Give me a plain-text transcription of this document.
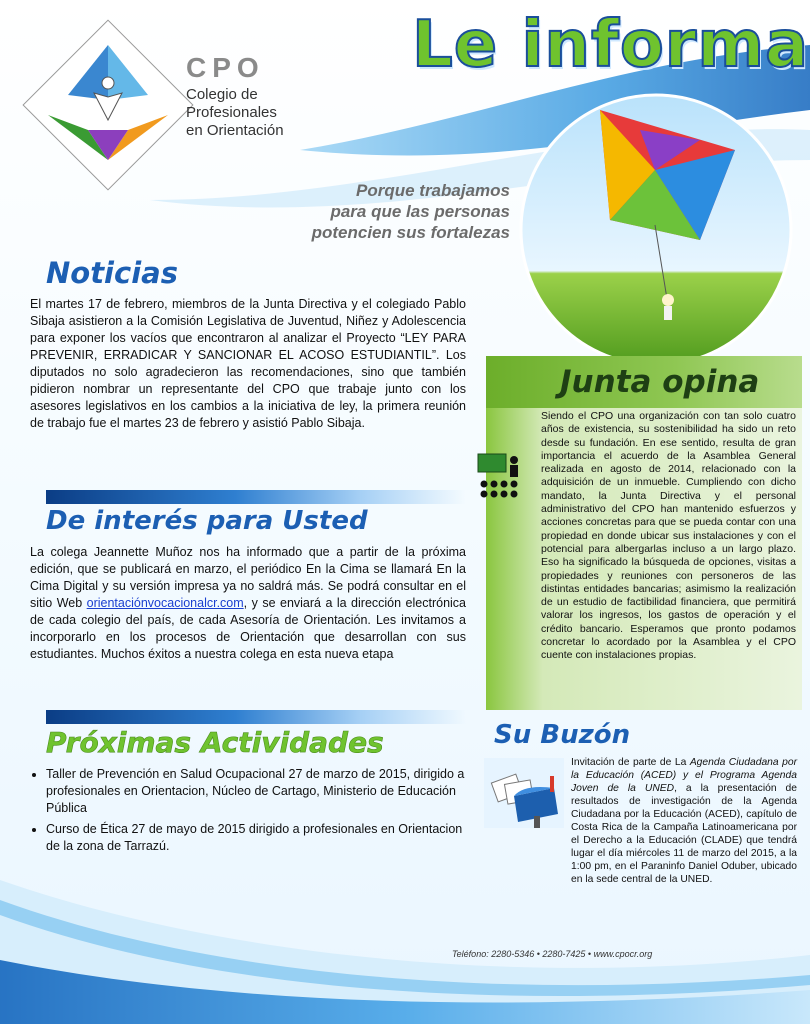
CPO
Colegio de
Profesionales
en Orientación
Le informa
Porque trabajamos
para que las personas
potencien sus fortalezas
Noticias
El martes 17 de febrero, miembros de la Junta Directiva y el colegiado Pablo Sibaja asistieron a la Comisión Legislativa de Juventud, Niñez y Adolescencia para exponer los vacíos que encontraron al analizar el Proyecto “LEY PARA PREVENIR, ERRADICAR Y SANCIONAR EL ACOSO ESTUDIANTIL”. Los diputados no solo agradecieron las recomendaciones, sino que también pidieron nombrar un representante del CPO que trabaje junto con los asesores legislativos en los cambios a la iniciativa de ley, la primera reunión de trabajo fue el martes 23 de febrero y asistió Pablo Sibaja.
De interés para Usted
La colega Jeannette Muñoz nos ha informado que a partir de la próxima edición, que se publicará en marzo, el periódico En la Cima se llamará En la Cima Digital y su versión impresa ya no saldrá más. Se podrá consultar en el sitio Web orientaciónvocacionalcr.com, y se enviará a la dirección electrónica de cada colegio del país, de cada Asesoría de Orientación. Les invitamos a incorporarlo en los procesos de Orientación que desarrollan con sus estudiantes. Muchos éxitos a nuestra colega en esta nueva etapa
Próximas Actividades
• Taller de Prevención en Salud Ocupacional 27 de marzo de 2015, dirigido a profesionales en Orientacion, Núcleo de Cartago, Ministerio de Educación Pública
• Curso de Ética 27 de mayo de 2015 dirigido a profesionales en Orientacion de la zona de Tarrazú.
Junta opina
Siendo el CPO una organización con tan solo cuatro años de existencia, su sostenibilidad ha sido un reto desde su fundación. En ese sentido, resulta de gran importancia el acuerdo de la Asamblea General realizada en agosto de 2014, relacionado con la adquisición de un inmueble. Cumpliendo con dicho mandato, la Junta Directiva y el personal administrativo del CPO han mantenido esfuerzos y acciones concretas para que se pueda contar con una propiedad en donde ubicar sus instalaciones y con el potencial para albergarlas incluso a un largo plazo. Eso ha significado la búsqueda de opciones, visitas a propiedades y reuniones con personeros de las distintas entidades bancarias; asimismo la realización de un estudio de factibilidad financiera, que permitirá valorar los ingresos, los gastos de operación y el crédito bancario. Esperamos que pronto podamos concretar lo acordado por la Asamblea y el CPO cuente con instalaciones propias.
Su Buzón
Invitación de parte de La Agenda Ciudadana por la Educación (ACED) y el Programa Agenda Joven de la UNED, a la presentación de resultados de investigación de la Agenda Ciudadana por la Educación (ACED), capítulo de Costa Rica de la Campaña Latinoamericana por el Derecho a la Educación (CLADE) que tendrá lugar el día miércoles 11 de marzo del 2015, a la 1:00 pm, en el Paraninfo Daniel Oduber, ubicado en la sede central de la UNED.
Teléfono: 2280-5346 • 2280-7425 • www.cpocr.org
